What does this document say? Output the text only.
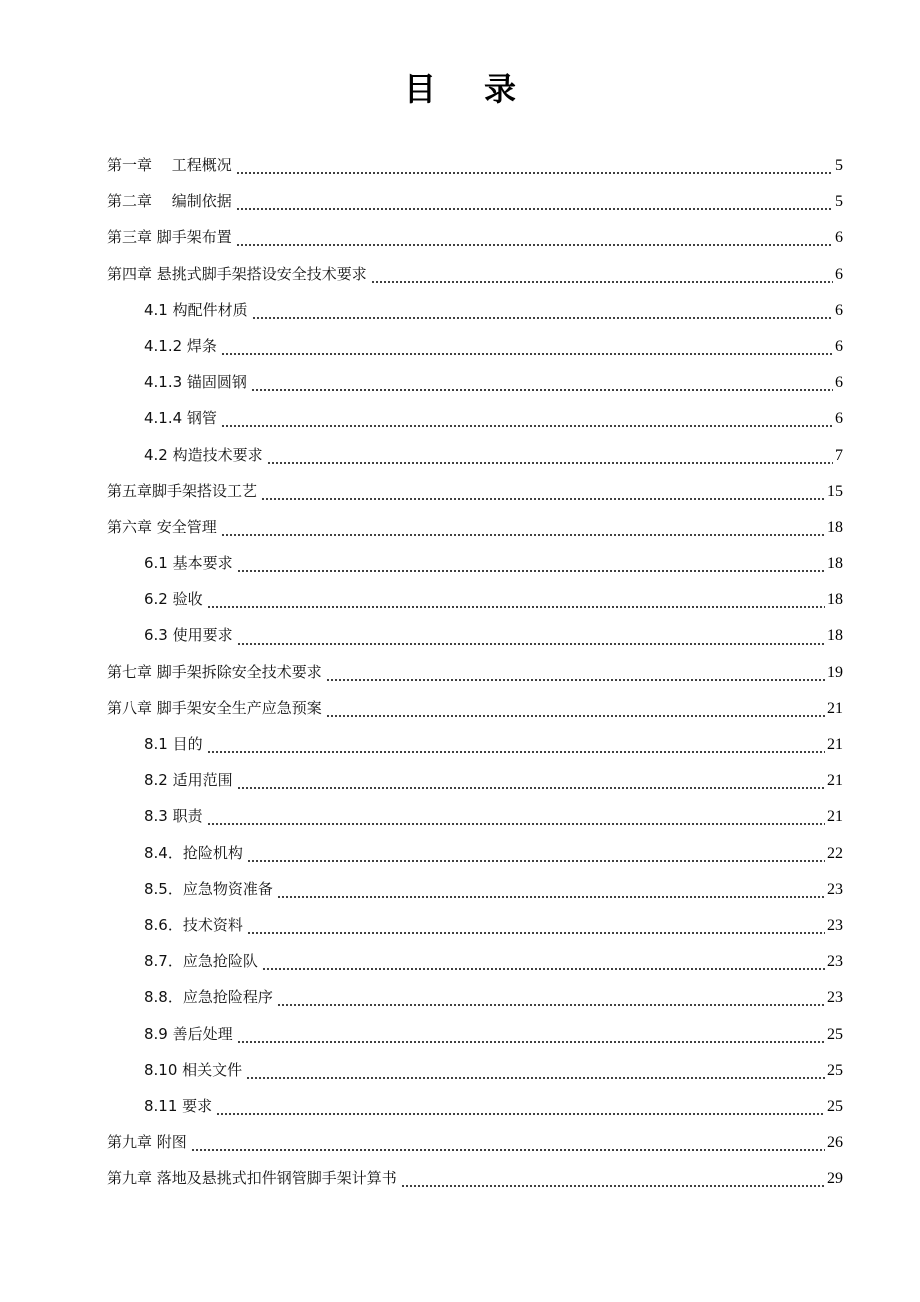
目 录
第一章　 工程概况	5
第二章　 编制依据	5
第三章 脚手架布置	6
第四章 悬挑式脚手架搭设安全技术要求	6
4.1 构配件材质	6
4.1.2 焊条	6
4.1.3 锚固圆钢	6
4.1.4 钢管	6
4.2 构造技术要求	7
第五章脚手架搭设工艺	15
第六章 安全管理	18
6.1 基本要求	18
6.2 验收	18
6.3 使用要求	18
第七章 脚手架拆除安全技术要求	19
第八章 脚手架安全生产应急预案	21
8.1 目的	21
8.2 适用范围	21
8.3 职责	21
8.4．抢险机构	22
8.5．应急物资准备	23
8.6．技术资料	23
8.7．应急抢险队	23
8.8．应急抢险程序	23
8.9 善后处理	25
8.10 相关文件	25
8.11 要求	25
第九章 附图	26
第九章 落地及悬挑式扣件钢管脚手架计算书	29
